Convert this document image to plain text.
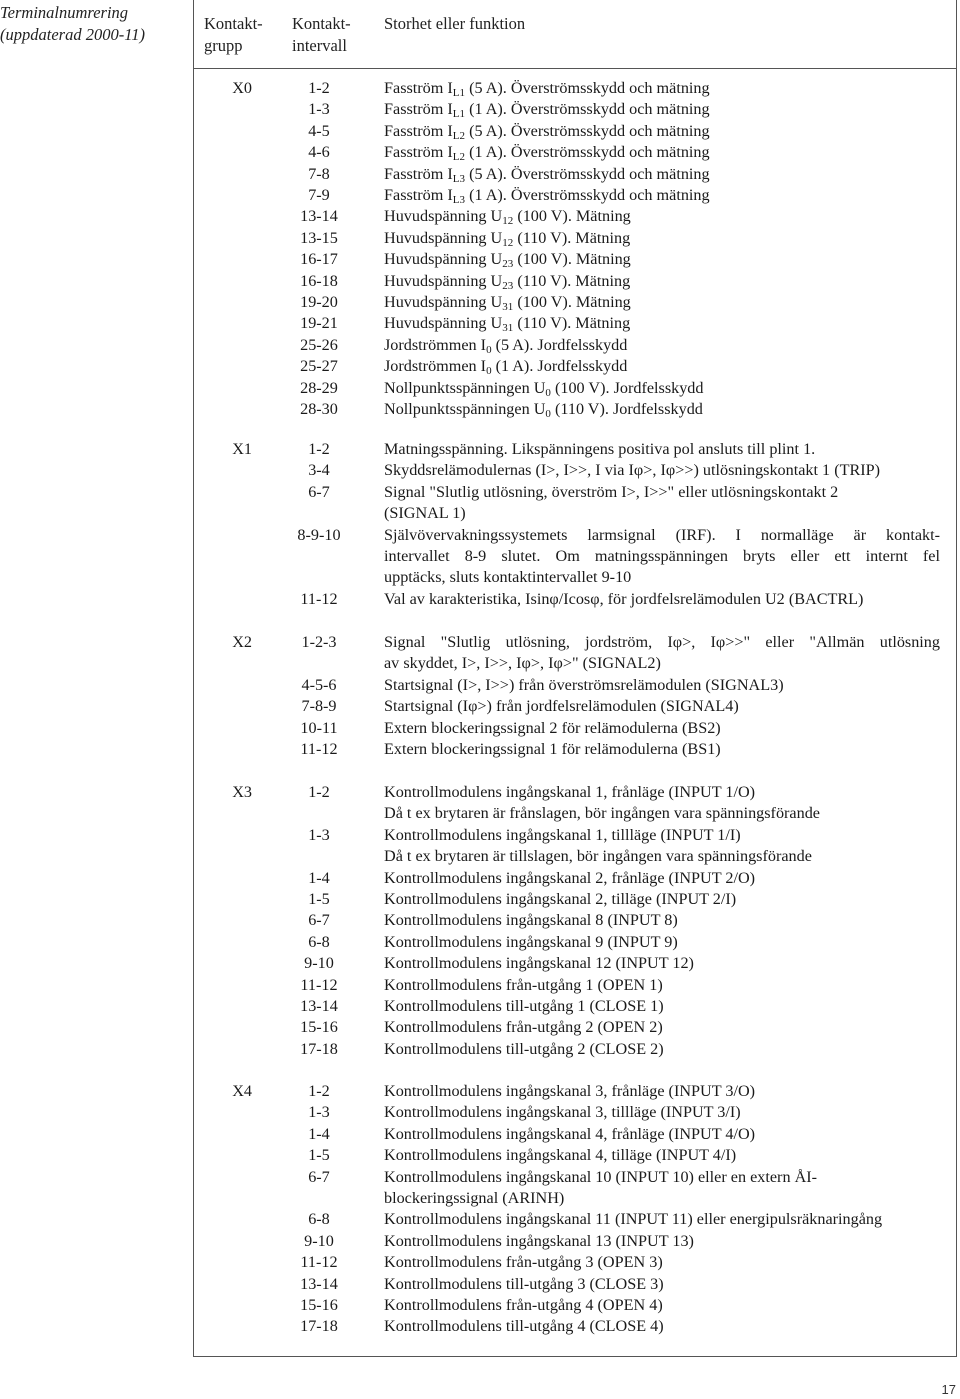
Terminalnumrering
(uppdaterad 2000-11)
Kontakt-
grupp
Kontakt-
intervall
Storhet eller funktion
X0	1-2	Fasström $I_{L1}$ (5 A). Överströmsskydd och mätning
1-3	Fasström $I_{L1}$ (1 A). Överströmsskydd och mätning
4-5	Fasström $I_{L2}$ (5 A). Överströmsskydd och mätning
4-6	Fasström $I_{L2}$ (1 A). Överströmsskydd och mätning
7-8	Fasström $I_{L3}$ (5 A). Överströmsskydd och mätning
7-9	Fasström $I_{L3}$ (1 A). Överströmsskydd och mätning
13-14	Huvudspänning $U_{12}$ (100 V). Mätning
13-15	Huvudspänning $U_{12}$ (110 V). Mätning
16-17	Huvudspänning $U_{23}$ (100 V). Mätning
16-18	Huvudspänning $U_{23}$ (110 V). Mätning
19-20	Huvudspänning $U_{31}$ (100 V). Mätning
19-21	Huvudspänning $U_{31}$ (110 V). Mätning
25-26	Jordströmmen $I_0$ (5 A). Jordfelsskydd
25-27	Jordströmmen $I_0$ (1 A). Jordfelsskydd
28-29	Nollpunktsspänningen $U_0$ (100 V). Jordfelsskydd
28-30	Nollpunktsspänningen $U_0$ (110 V). Jordfelsskydd
X1	1-2	Matningsspänning. Likspänningens positiva pol ansluts till plint 1.
3-4	Skyddsrelämodulernas (I>, I>>, I via Iφ>, Iφ>>) utlösningskontakt 1 (TRIP)
6-7	Signal "Slutlig utlösning, överström I>, I>>" eller utlösningskontakt 2
(SIGNAL 1)
8-9-10	Självövervakningssystemets larmsignal (IRF). I normalläge är kontakt-
intervallet 8-9 slutet. Om matningsspänningen bryts eller ett internt fel
upptäcks, sluts kontaktintervallet 9-10
11-12	Val av karakteristika, Isinφ/Icosφ, för jordfelsrelämodulen U2 (BACTRL)
X2	1-2-3	Signal "Slutlig utlösning, jordström, Iφ>, Iφ>>" eller "Allmän utlösning
av skyddet, I>, I>>, Iφ>, Iφ>" (SIGNAL2)
4-5-6	Startsignal (I>, I>>) från överströmsrelämodulen (SIGNAL3)
7-8-9	Startsignal (Iφ>) från jordfelsrelämodulen (SIGNAL4)
10-11	Extern blockeringssignal 2 för relämodulerna (BS2)
11-12	Extern blockeringssignal 1 för relämodulerna (BS1)
X3	1-2	Kontrollmodulens ingångskanal 1, frånläge (INPUT 1/O)
Då t ex brytaren är frånslagen, bör ingången vara spänningsförande
1-3	Kontrollmodulens ingångskanal 1, tillläge (INPUT 1/I)
Då t ex brytaren är tillslagen, bör ingången vara spänningsförande
1-4	Kontrollmodulens ingångskanal 2, frånläge (INPUT 2/O)
1-5	Kontrollmodulens ingångskanal 2, tilläge (INPUT 2/I)
6-7	Kontrollmodulens ingångskanal 8 (INPUT 8)
6-8	Kontrollmodulens ingångskanal 9 (INPUT 9)
9-10	Kontrollmodulens ingångskanal 12 (INPUT 12)
11-12	Kontrollmodulens från-utgång 1 (OPEN 1)
13-14	Kontrollmodulens till-utgång 1 (CLOSE 1)
15-16	Kontrollmodulens från-utgång 2 (OPEN 2)
17-18	Kontrollmodulens till-utgång 2 (CLOSE 2)
X4	1-2	Kontrollmodulens ingångskanal 3, frånläge (INPUT 3/O)
1-3	Kontrollmodulens ingångskanal 3, tillläge (INPUT 3/I)
1-4	Kontrollmodulens ingångskanal 4, frånläge (INPUT 4/O)
1-5	Kontrollmodulens ingångskanal 4, tilläge (INPUT 4/I)
6-7	Kontrollmodulens ingångskanal 10 (INPUT 10) eller en extern ÅI-
blockeringssignal (ARINH)
6-8	Kontrollmodulens ingångskanal 11 (INPUT 11) eller energipulsräknaringång
9-10	Kontrollmodulens ingångskanal 13 (INPUT 13)
11-12	Kontrollmodulens från-utgång 3 (OPEN 3)
13-14	Kontrollmodulens till-utgång 3 (CLOSE 3)
15-16	Kontrollmodulens från-utgång 4 (OPEN 4)
17-18	Kontrollmodulens till-utgång 4 (CLOSE 4)
17
